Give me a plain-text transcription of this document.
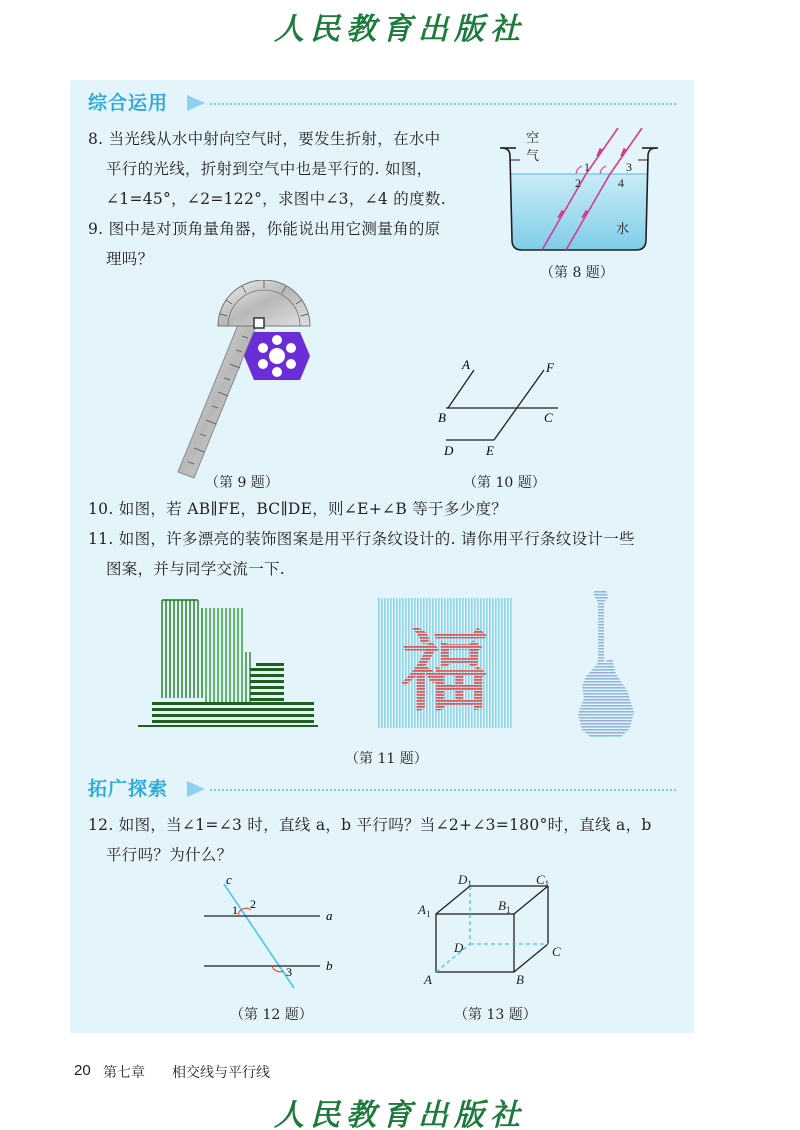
人民教育出版社
综合运用
8. 当光线从水中射向空气时，要发生折射，在水中
平行的光线，折射到空气中也是平行的. 如图，
∠1=45°，∠2=122°，求图中∠3，∠4 的度数.
9. 图中是对顶角量角器，你能说出用它测量角的原
理吗？
空
气
水
1
2
3
4
（第 8 题）
（第 9 题）
A	F
B	C
D	E
（第 10 题）
10. 如图，若 AB∥FE，BC∥DE，则∠E+∠B 等于多少度？
11. 如图，许多漂亮的装饰图案是用平行条纹设计的. 请你用平行条纹设计一些
图案，并与同学交流一下.
福
（第 11 题）
拓广探索
12. 如图，当∠1=∠3 时，直线 a，b 平行吗？当∠2+∠3=180°时，直线 a，b
平行吗？为什么？
c
1 2
3
a
b
（第 12 题）
$A_1$
$B_1$
$D_1$	$C_1$
D	C
A	B
（第 13 题）
20 第七章 相交线与平行线
人民教育出版社
